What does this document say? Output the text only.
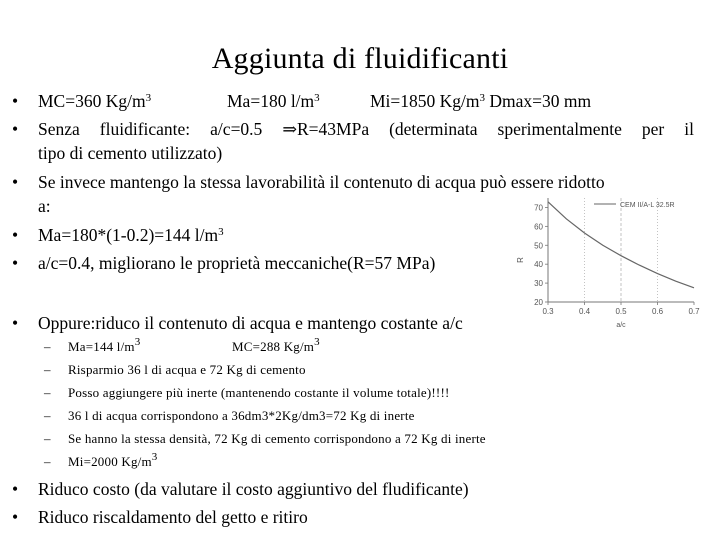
Aggiunta di fluidificanti
•	MC=360 $Kg/m^3$	Ma=180 $l/m^3$	Mi=1850 $Kg/m^3$ Dmax=30 mm
•	Senza fluidificante: a/c=0.5 ⇒R=43MPa (determinata sperimentalmente per il
tipo di cemento utilizzato)
•	Se invece mantengo la stessa lavorabilità il contenuto di acqua può essere ridotto
a:
•	Ma=180*(1-0.2)=144 $l/m^3$
•	a/c=0.4, migliorano le proprietà meccaniche(R=57 MPa)
•	Oppure:riduco il contenuto di acqua e mantengo costante a/c
– Ma=144 $l/m^3$	MC=288 $Kg/m^3$
– Risparmio 36 l di acqua e 72 Kg di cemento
– Posso aggiungere più inerte (mantenendo costante il volume totale)!!!!
– 36 l di acqua corrispondono a 36dm3*2Kg/dm3=72 Kg di inerte
– Se hanno la stessa densità, 72 Kg di cemento corrispondono a 72 Kg di inerte
– Mi=2000 $Kg/m^3$
•	Riduco costo (da valutare il costo aggiuntivo del fludificante)
•	Riduco riscaldamento del getto e ritiro
20
30
40
50
60
70
0.3	0.4	0.5	0.6	0.7
a/c
R
CEM II/A-L 32.5R
